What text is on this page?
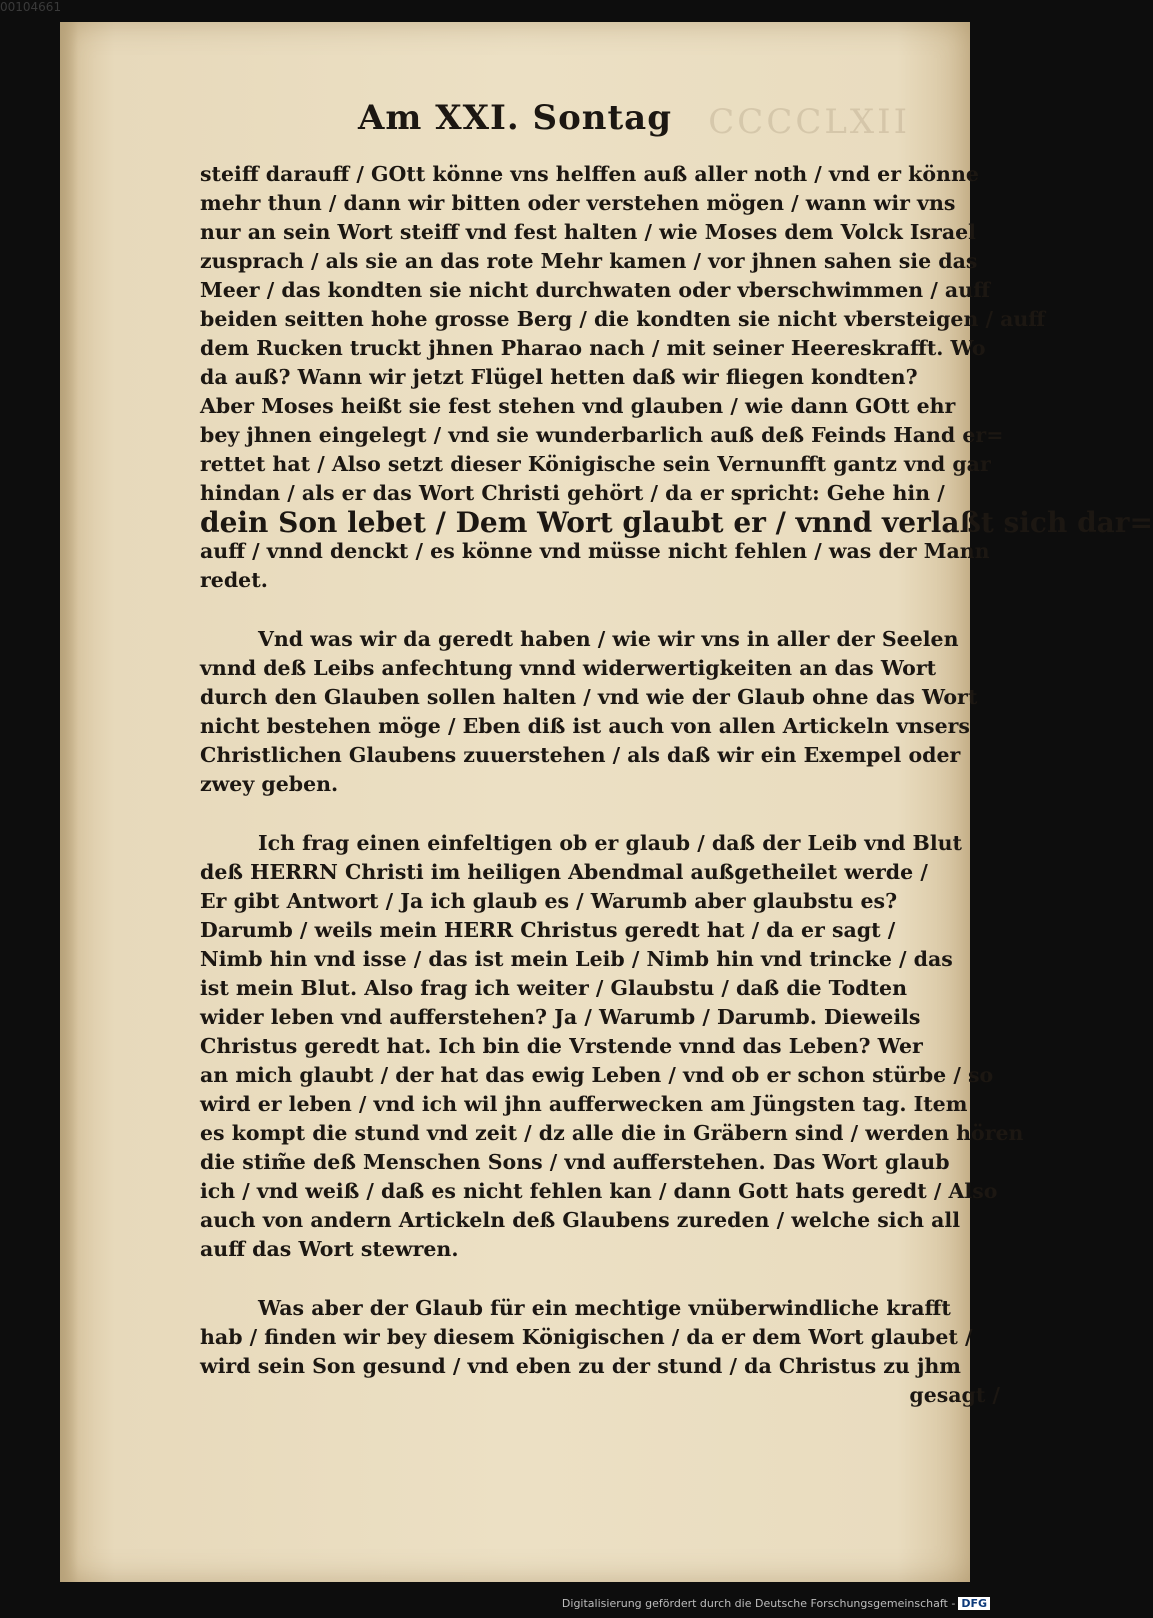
00104661
CCCCLXII
Am XXI. Sontag
steiff darauff / GOtt könne vns helffen auß aller noth / vnd er könne
mehr thun / dann wir bitten oder verstehen mögen / wann wir vns
nur an sein Wort steiff vnd fest halten / wie Moses dem Volck Israel
zusprach / als sie an das rote Mehr kamen / vor jhnen sahen sie das
Meer / das kondten sie nicht durchwaten oder vberschwimmen / auff
beiden seitten hohe grosse Berg / die kondten sie nicht vbersteigen / auff
dem Rucken truckt jhnen Pharao nach / mit seiner Heereskrafft. Wo
da auß? Wann wir jetzt Flügel hetten daß wir fliegen kondten?
Aber Moses heißt sie fest stehen vnd glauben / wie dann GOtt ehr
bey jhnen eingelegt / vnd sie wunderbarlich auß deß Feinds Hand er=
rettet hat / Also setzt dieser Königische sein Vernunfft gantz vnd gar
hindan / als er das Wort Christi gehört / da er spricht: Gehe hin /
dein Son lebet / Dem Wort glaubt er / vnnd verlaßt sich dar=
auff / vnnd denckt / es könne vnd müsse nicht fehlen / was der Mann
redet.
Vnd was wir da geredt haben / wie wir vns in aller der Seelen
vnnd deß Leibs anfechtung vnnd widerwertigkeiten an das Wort
durch den Glauben sollen halten / vnd wie der Glaub ohne das Wort
nicht bestehen möge / Eben diß ist auch von allen Artickeln vnsers
Christlichen Glaubens zuuerstehen / als daß wir ein Exempel oder
zwey geben.
Ich frag einen einfeltigen ob er glaub / daß der Leib vnd Blut
deß HERRN Christi im heiligen Abendmal außgetheilet werde /
Er gibt Antwort / Ja ich glaub es / Warumb aber glaubstu es?
Darumb / weils mein HERR Christus geredt hat / da er sagt /
Nimb hin vnd isse / das ist mein Leib / Nimb hin vnd trincke / das
ist mein Blut. Also frag ich weiter / Glaubstu / daß die Todten
wider leben vnd aufferstehen? Ja / Warumb / Darumb. Dieweils
Christus geredt hat. Ich bin die Vrstende vnnd das Leben? Wer
an mich glaubt / der hat das ewig Leben / vnd ob er schon stürbe / so
wird er leben / vnd ich wil jhn aufferwecken am Jüngsten tag. Item
es kompt die stund vnd zeit / dz alle die in Gräbern sind / werden hören
die stim̃e deß Menschen Sons / vnd aufferstehen. Das Wort glaub
ich / vnd weiß / daß es nicht fehlen kan / dann Gott hats geredt / Also
auch von andern Artickeln deß Glaubens zureden / welche sich all
auff das Wort stewren.
Was aber der Glaub für ein mechtige vnüberwindliche krafft
hab / finden wir bey diesem Königischen / da er dem Wort glaubet /
wird sein Son gesund / vnd eben zu der stund / da Christus zu jhm
gesagt /
Digitalisierung gefördert durch die Deutsche Forschungsgemeinschaft - DFG
